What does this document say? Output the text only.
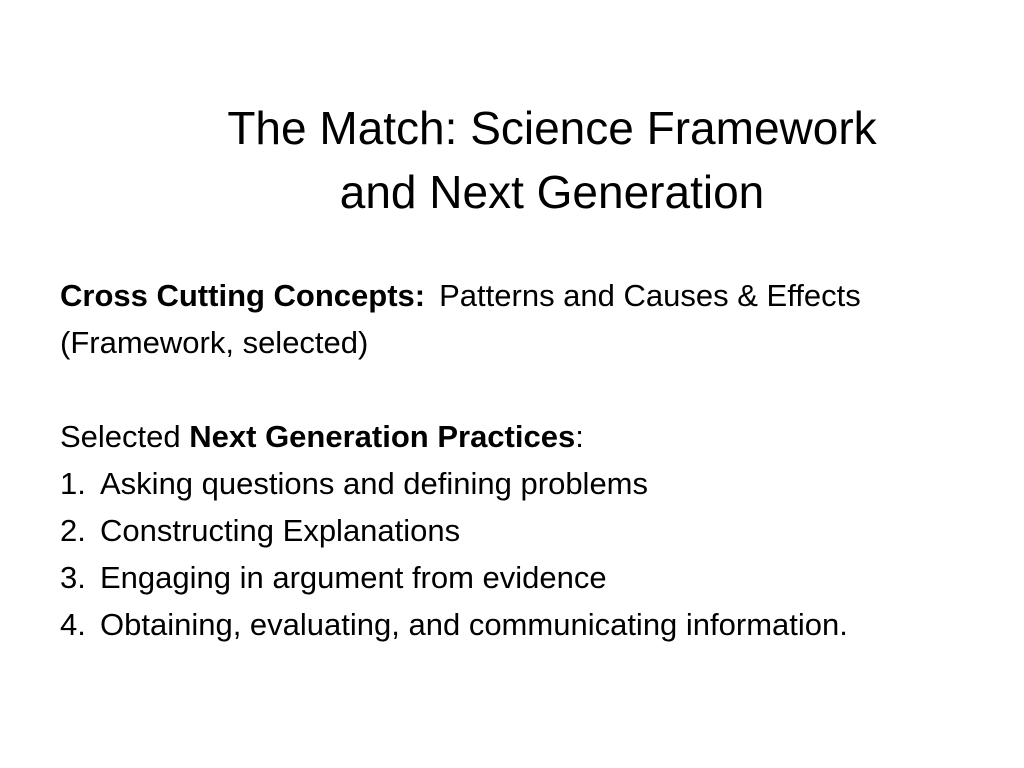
The Match: Science Framework
and Next Generation

Cross Cutting Concepts: Patterns and Causes & Effects (Framework, selected)

Selected Next Generation Practices:

1. Asking questions and defining problems
2. Constructing Explanations
3. Engaging in argument from evidence
4. Obtaining, evaluating, and communicating information.
